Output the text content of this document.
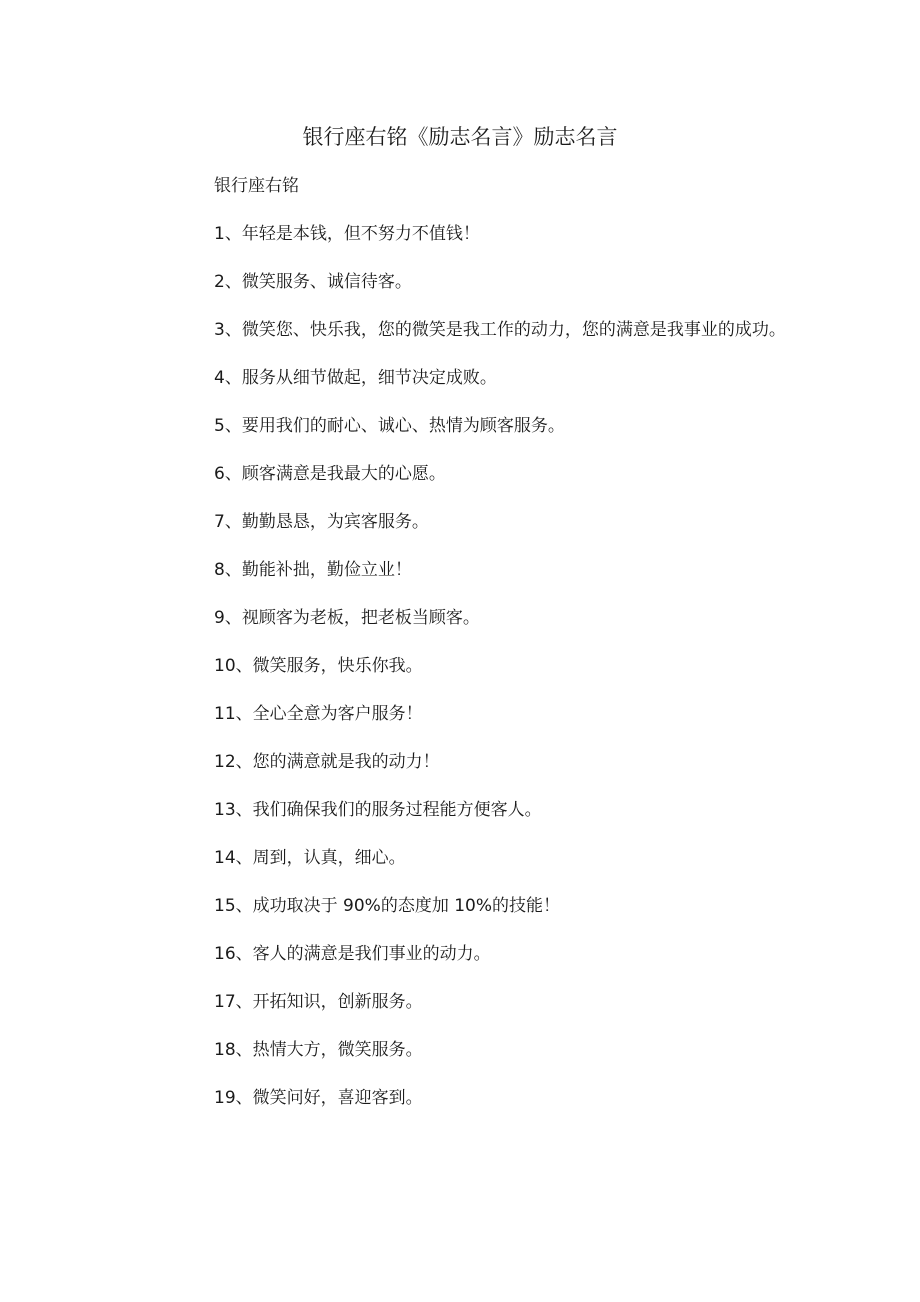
银行座右铭《励志名言》励志名言
银行座右铭

1、年轻是本钱，但不努力不值钱！

2、微笑服务、诚信待客。

3、微笑您、快乐我，您的微笑是我工作的动力，您的满意是我事业的成功。

4、服务从细节做起，细节决定成败。

5、要用我们的耐心、诚心、热情为顾客服务。

6、顾客满意是我最大的心愿。

7、勤勤恳恳，为宾客服务。

8、勤能补拙，勤俭立业！

9、视顾客为老板，把老板当顾客。

10、微笑服务，快乐你我。

11、全心全意为客户服务！

12、您的满意就是我的动力！

13、我们确保我们的服务过程能方便客人。

14、周到，认真，细心。

15、成功取决于 90%的态度加 10%的技能！

16、客人的满意是我们事业的动力。

17、开拓知识，创新服务。

18、热情大方，微笑服务。

19、微笑问好，喜迎客到。
